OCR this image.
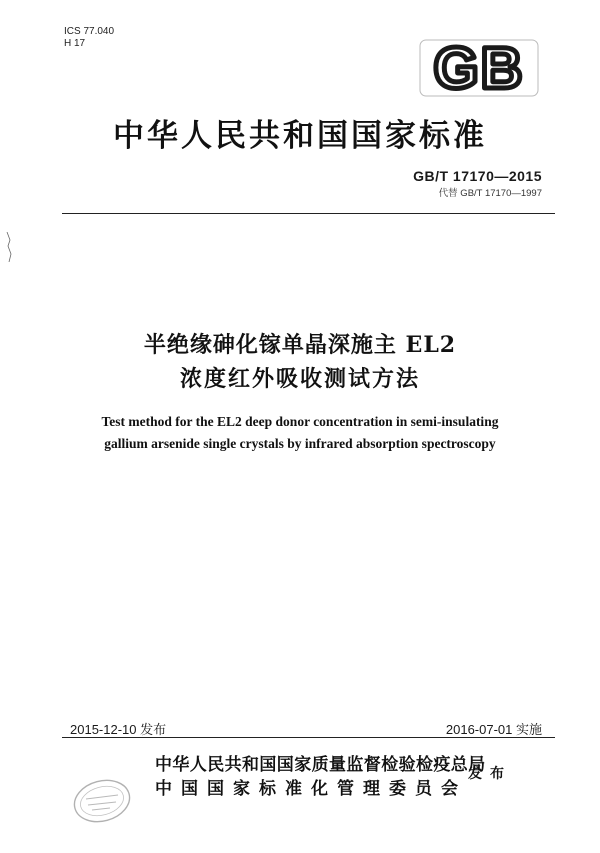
ICS 77.040
H 17	GB
中华人民共和国国家标准
GB/T 17170—2015
代替 GB/T 17170—1997
半绝缘砷化镓单晶深施主 EL2
浓度红外吸收测试方法
Test method for the EL2 deep donor concentration in semi-insulating
gallium arsenide single crystals by infrared absorption spectroscopy
2015-12-10 发布	2016-07-01 实施
中华人民共和国国家质量监督检验检疫总局
中国国家标准化管理委员会
发布
